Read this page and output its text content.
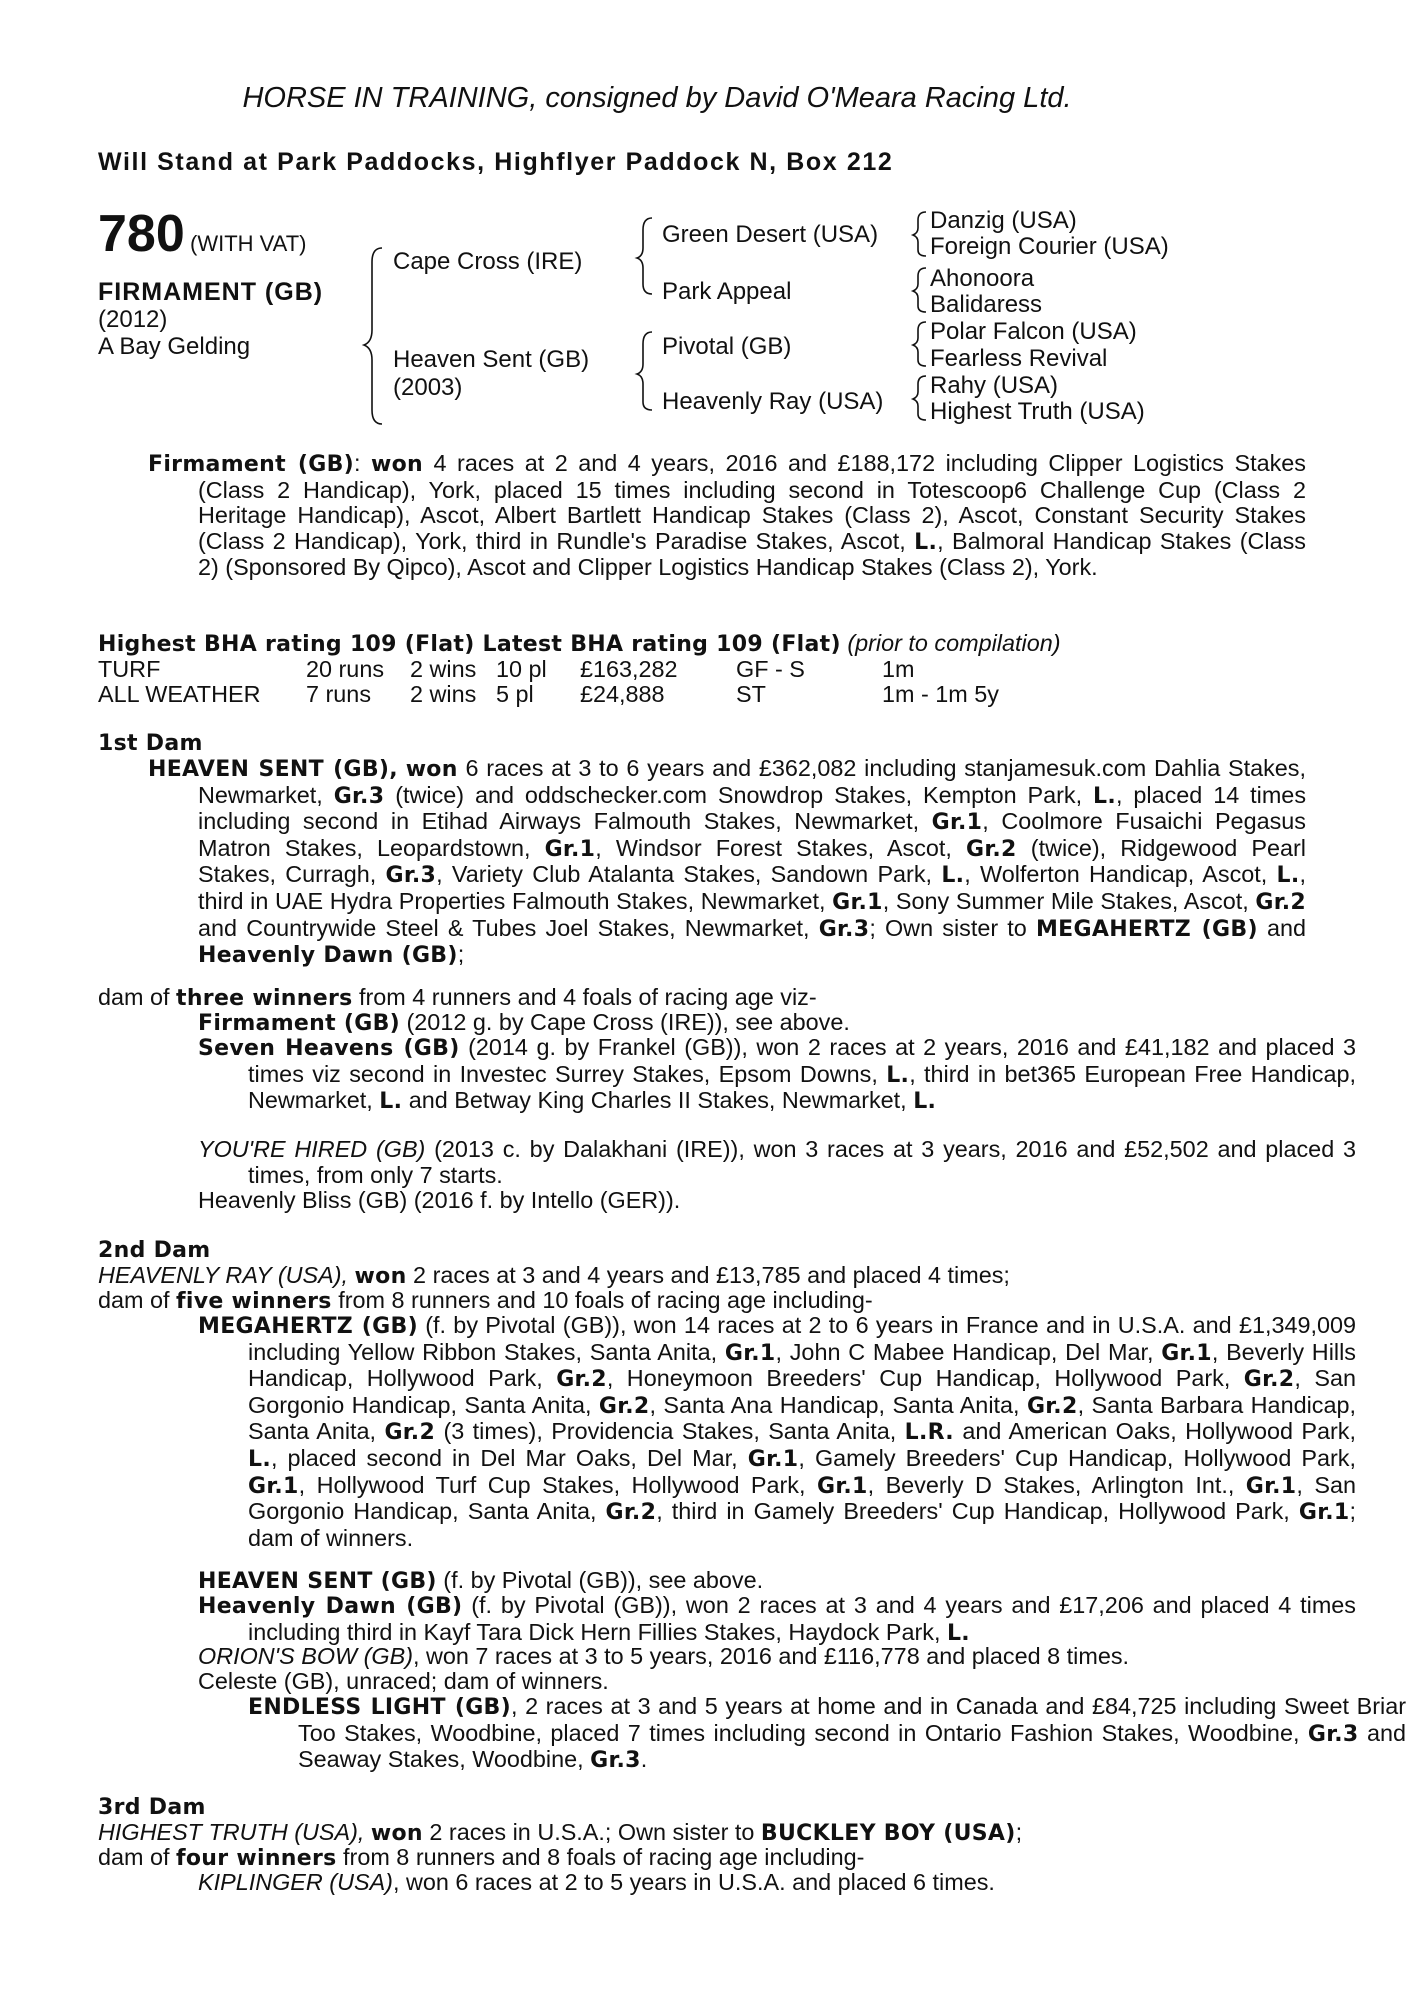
HORSE IN TRAINING, consigned by David O'Meara Racing Ltd.
Will Stand at Park Paddocks, Highflyer Paddock N, Box 212
780 (WITH VAT)
FIRMAMENT (GB)
(2012)
A Bay Gelding
Cape Cross (IRE)
Heaven Sent (GB)
(2003)
Green Desert (USA)
Park Appeal
Pivotal (GB)
Heavenly Ray (USA)
Danzig (USA)
Foreign Courier (USA)
Ahonoora
Balidaress
Polar Falcon (USA)
Fearless Revival
Rahy (USA)
Highest Truth (USA)
Firmament (GB): won 4 races at 2 and 4 years, 2016 and £188,172 including Clipper Logistics Stakes (Class 2 Handicap), York, placed 15 times including second in Totescoop6 Challenge Cup (Class 2 Heritage Handicap), Ascot, Albert Bartlett Handicap Stakes (Class 2), Ascot, Constant Security Stakes (Class 2 Handicap), York, third in Rundle's Paradise Stakes, Ascot, L., Balmoral Handicap Stakes (Class 2) (Sponsored By Qipco), Ascot and Clipper Logistics Handicap Stakes (Class 2), York.
Highest BHA rating 109 (Flat) Latest BHA rating 109 (Flat) (prior to compilation)
TURF	20 runs 2 wins 10 pl £163,282 GF - S	1m
ALL WEATHER 7 runs 2 wins 5 pl £24,888	ST	1m - 1m 5y
1st Dam
HEAVEN SENT (GB), won 6 races at 3 to 6 years and £362,082 including stanjamesuk.com Dahlia Stakes, Newmarket, Gr.3 (twice) and oddschecker.com Snowdrop Stakes, Kempton Park, L., placed 14 times including second in Etihad Airways Falmouth Stakes, Newmarket, Gr.1, Coolmore Fusaichi Pegasus Matron Stakes, Leopardstown, Gr.1, Windsor Forest Stakes, Ascot, Gr.2 (twice), Ridgewood Pearl Stakes, Curragh, Gr.3, Variety Club Atalanta Stakes, Sandown Park, L., Wolferton Handicap, Ascot, L., third in UAE Hydra Properties Falmouth Stakes, Newmarket, Gr.1, Sony Summer Mile Stakes, Ascot, Gr.2 and Countrywide Steel & Tubes Joel Stakes, Newmarket, Gr.3; Own sister to MEGAHERTZ (GB) and Heavenly Dawn (GB);
dam of three winners from 4 runners and 4 foals of racing age viz-
Firmament (GB) (2012 g. by Cape Cross (IRE)), see above.
Seven Heavens (GB) (2014 g. by Frankel (GB)), won 2 races at 2 years, 2016 and £41,182 and placed 3 times viz second in Investec Surrey Stakes, Epsom Downs, L., third in bet365 European Free Handicap, Newmarket, L. and Betway King Charles II Stakes, Newmarket, L.
YOU'RE HIRED (GB) (2013 c. by Dalakhani (IRE)), won 3 races at 3 years, 2016 and £52,502 and placed 3 times, from only 7 starts.
Heavenly Bliss (GB) (2016 f. by Intello (GER)).
2nd Dam
HEAVENLY RAY (USA), won 2 races at 3 and 4 years and £13,785 and placed 4 times;
dam of five winners from 8 runners and 10 foals of racing age including-
MEGAHERTZ (GB) (f. by Pivotal (GB)), won 14 races at 2 to 6 years in France and in U.S.A. and £1,349,009 including Yellow Ribbon Stakes, Santa Anita, Gr.1, John C Mabee Handicap, Del Mar, Gr.1, Beverly Hills Handicap, Hollywood Park, Gr.2, Honeymoon Breeders' Cup Handicap, Hollywood Park, Gr.2, San Gorgonio Handicap, Santa Anita, Gr.2, Santa Ana Handicap, Santa Anita, Gr.2, Santa Barbara Handicap, Santa Anita, Gr.2 (3 times), Providencia Stakes, Santa Anita, L.R. and American Oaks, Hollywood Park, L., placed second in Del Mar Oaks, Del Mar, Gr.1, Gamely Breeders' Cup Handicap, Hollywood Park, Gr.1, Hollywood Turf Cup Stakes, Hollywood Park, Gr.1, Beverly D Stakes, Arlington Int., Gr.1, San Gorgonio Handicap, Santa Anita, Gr.2, third in Gamely Breeders' Cup Handicap, Hollywood Park, Gr.1; dam of winners.
HEAVEN SENT (GB) (f. by Pivotal (GB)), see above.
Heavenly Dawn (GB) (f. by Pivotal (GB)), won 2 races at 3 and 4 years and £17,206 and placed 4 times including third in Kayf Tara Dick Hern Fillies Stakes, Haydock Park, L.
ORION'S BOW (GB), won 7 races at 3 to 5 years, 2016 and £116,778 and placed 8 times.
Celeste (GB), unraced; dam of winners.
ENDLESS LIGHT (GB), 2 races at 3 and 5 years at home and in Canada and £84,725 including Sweet Briar Too Stakes, Woodbine, placed 7 times including second in Ontario Fashion Stakes, Woodbine, Gr.3 and Seaway Stakes, Woodbine, Gr.3.
3rd Dam
HIGHEST TRUTH (USA), won 2 races in U.S.A.; Own sister to BUCKLEY BOY (USA);
dam of four winners from 8 runners and 8 foals of racing age including-
KIPLINGER (USA), won 6 races at 2 to 5 years in U.S.A. and placed 6 times.
